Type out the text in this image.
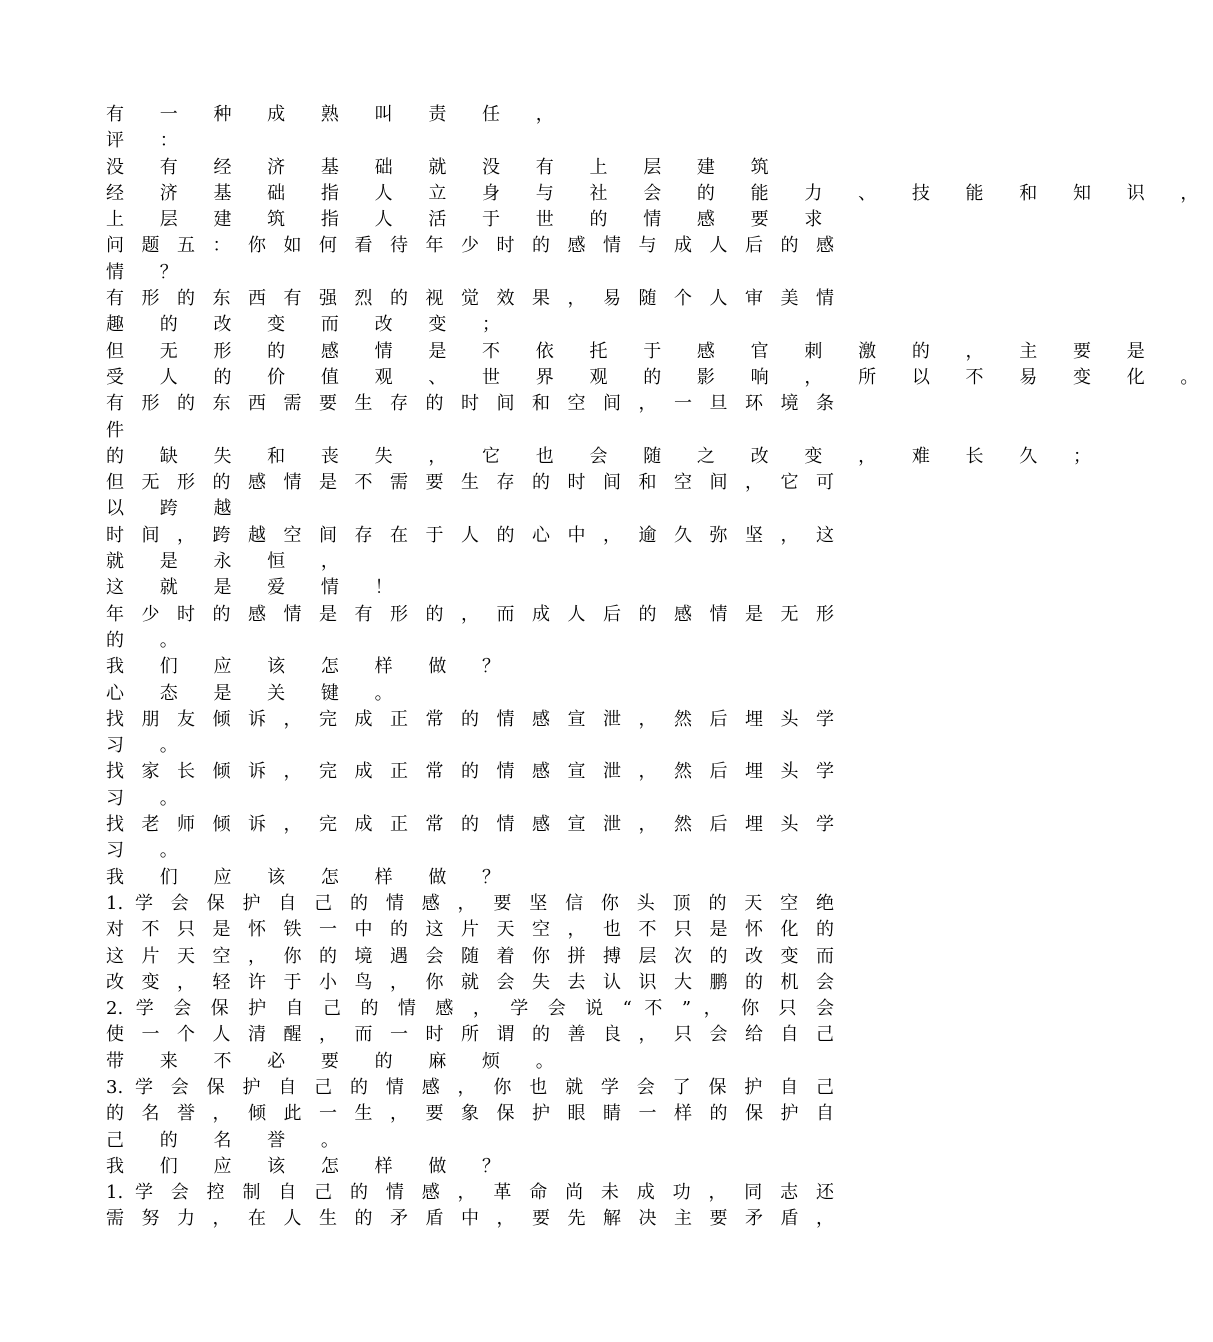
有 一 种 成 熟 叫 责 任 ，
评 ：
没 有 经 济 基 础 就 没 有 上 层 建 筑
经 济 基 础 指 人 立 身 与 社 会 的 能 力 、 技 能 和 知 识 ，
上 层 建 筑 指 人 活 于 世 的 情 感 要 求
问 题 五 ： 你 如 何 看 待 年 少 时 的 感 情 与 成 人 后 的 感
情 ？
有 形 的 东 西 有 强 烈 的 视 觉 效 果 ， 易 随 个 人 审 美 情
趣 的 改 变 而 改 变 ；
但 无 形 的 感 情 是 不 依 托 于 感 官 刺 激 的 ， 主 要 是
受 人 的 价 值 观 、 世 界 观 的 影 响 ， 所 以 不 易 变 化 。
有 形 的 东 西 需 要 生 存 的 时 间 和 空 间 ， 一 旦 环 境 条
件
的 缺 失 和 丧 失 ， 它 也 会 随 之 改 变 ， 难 长 久 ；
但 无 形 的 感 情 是 不 需 要 生 存 的 时 间 和 空 间 ， 它 可
以 跨 越
时 间 ， 跨 越 空 间 存 在 于 人 的 心 中 ， 逾 久 弥 坚 ， 这
就 是 永 恒 ，
这 就 是 爱 情 ！
年 少 时 的 感 情 是 有 形 的 ， 而 成 人 后 的 感 情 是 无 形
的 。
我 们 应 该 怎 样 做 ？
心 态 是 关 键 。
找 朋 友 倾 诉 ， 完 成 正 常 的 情 感 宣 泄 ， 然 后 埋 头 学
习 。
找 家 长 倾 诉 ， 完 成 正 常 的 情 感 宣 泄 ， 然 后 埋 头 学
习 。
找 老 师 倾 诉 ， 完 成 正 常 的 情 感 宣 泄 ， 然 后 埋 头 学
习 。
我 们 应 该 怎 样 做 ？
1. 学 会 保 护 自 己 的 情 感 ， 要 坚 信 你 头 顶 的 天 空 绝
对 不 只 是 怀 铁 一 中 的 这 片 天 空 ， 也 不 只 是 怀 化 的
这 片 天 空 ， 你 的 境 遇 会 随 着 你 拼 搏 层 次 的 改 变 而
改 变 ， 轻 许 于 小 鸟 ， 你 就 会 失 去 认 识 大 鹏 的 机 会
2. 学 会 保 护 自 己 的 情 感 ， 学 会 说 “ 不 ” ， 你 只 会
使 一 个 人 清 醒 ， 而 一 时 所 谓 的 善 良 ， 只 会 给 自 己
带 来 不 必 要 的 麻 烦 。
3. 学 会 保 护 自 己 的 情 感 ， 你 也 就 学 会 了 保 护 自 己
的 名 誉 ， 倾 此 一 生 ， 要 象 保 护 眼 睛 一 样 的 保 护 自
己 的 名 誉 。
我 们 应 该 怎 样 做 ？
1. 学 会 控 制 自 己 的 情 感 ， 革 命 尚 未 成 功 ， 同 志 还
需 努 力 ， 在 人 生 的 矛 盾 中 ， 要 先 解 决 主 要 矛 盾 ，
